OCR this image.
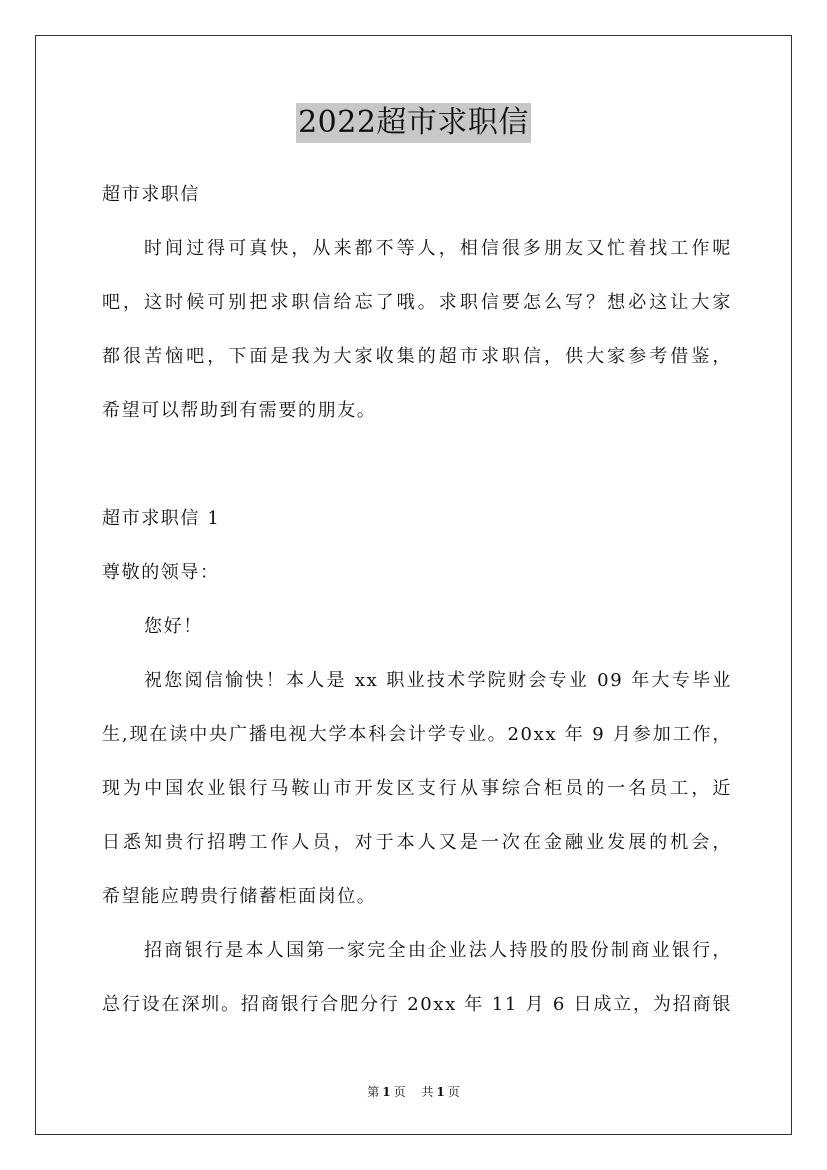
2022超市求职信
超市求职信
时间过得可真快，从来都不等人，相信很多朋友又忙着找工作呢
吧，这时候可别把求职信给忘了哦。求职信要怎么写？想必这让大家
都很苦恼吧，下面是我为大家收集的超市求职信，供大家参考借鉴，
希望可以帮助到有需要的朋友。
超市求职信 1
尊敬的领导：
您好！
祝您阅信愉快！本人是 xx 职业技术学院财会专业 09 年大专毕业
生,现在读中央广播电视大学本科会计学专业。20xx 年 9 月参加工作，
现为中国农业银行马鞍山市开发区支行从事综合柜员的一名员工，近
日悉知贵行招聘工作人员，对于本人又是一次在金融业发展的机会，
希望能应聘贵行储蓄柜面岗位。
招商银行是本人国第一家完全由企业法人持股的股份制商业银行，
总行设在深圳。招商银行合肥分行 20xx 年 11 月 6 日成立，为招商银
第 1 页 共 1 页
